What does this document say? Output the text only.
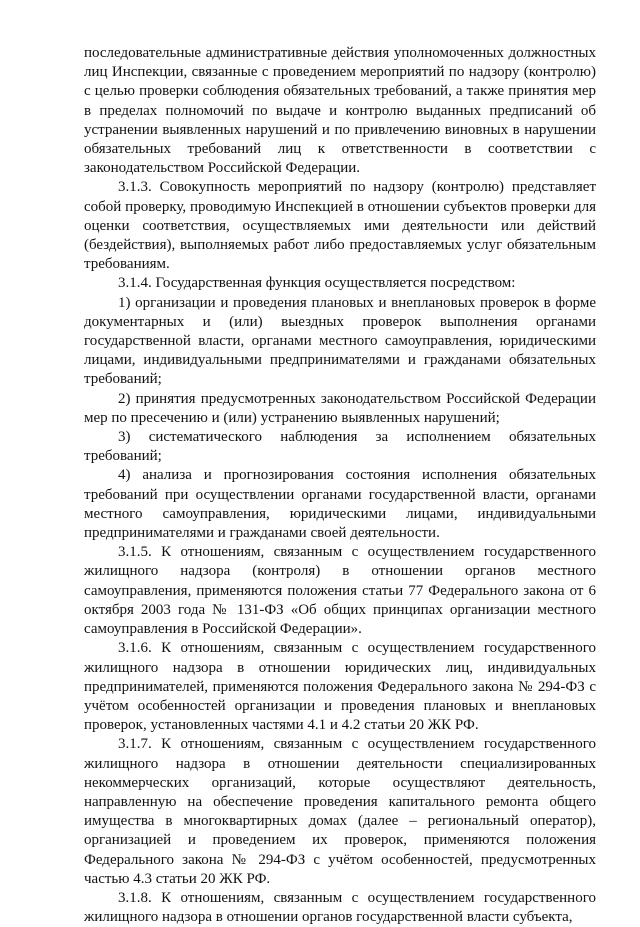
последовательные административные действия уполномоченных должностных лиц Инспекции, связанные с проведением мероприятий по надзору (контролю) с целью проверки соблюдения обязательных требований, а также принятия мер в пределах полномочий по выдаче и контролю выданных предписаний об устранении выявленных нарушений и по привлечению виновных в нарушении обязательных требований лиц к ответственности в соответствии с законодательством Российской Федерации.

3.1.3. Совокупность мероприятий по надзору (контролю) представляет собой проверку, проводимую Инспекцией в отношении субъектов проверки для оценки соответствия, осуществляемых ими деятельности или действий (бездействия), выполняемых работ либо предоставляемых услуг обязательным требованиям.

3.1.4. Государственная функция осуществляется посредством:

1) организации и проведения плановых и внеплановых проверок в форме документарных и (или) выездных проверок выполнения органами государственной власти, органами местного самоуправления, юридическими лицами, индивидуальными предпринимателями и гражданами обязательных требований;

2) принятия предусмотренных законодательством Российской Федерации мер по пресечению и (или) устранению выявленных нарушений;

3) систематического наблюдения за исполнением обязательных требований;

4) анализа и прогнозирования состояния исполнения обязательных требований при осуществлении органами государственной власти, органами местного самоуправления, юридическими лицами, индивидуальными предпринимателями и гражданами своей деятельности.

3.1.5. К отношениям, связанным с осуществлением государственного жилищного надзора (контроля) в отношении органов местного самоуправления, применяются положения статьи 77 Федерального закона от 6 октября 2003 года № 131-ФЗ «Об общих принципах организации местного самоуправления в Российской Федерации».

3.1.6. К отношениям, связанным с осуществлением государственного жилищного надзора в отношении юридических лиц, индивидуальных предпринимателей, применяются положения Федерального закона № 294-ФЗ с учётом особенностей организации и проведения плановых и внеплановых проверок, установленных частями 4.1 и 4.2 статьи 20 ЖК РФ.

3.1.7. К отношениям, связанным с осуществлением государственного жилищного надзора в отношении деятельности специализированных некоммерческих организаций, которые осуществляют деятельность, направленную на обеспечение проведения капитального ремонта общего имущества в многоквартирных домах (далее – региональный оператор), организацией и проведением их проверок, применяются положения Федерального закона № 294-ФЗ с учётом особенностей, предусмотренных частью 4.3 статьи 20 ЖК РФ.

3.1.8. К отношениям, связанным с осуществлением государственного жилищного надзора в отношении органов государственной власти субъекта,
